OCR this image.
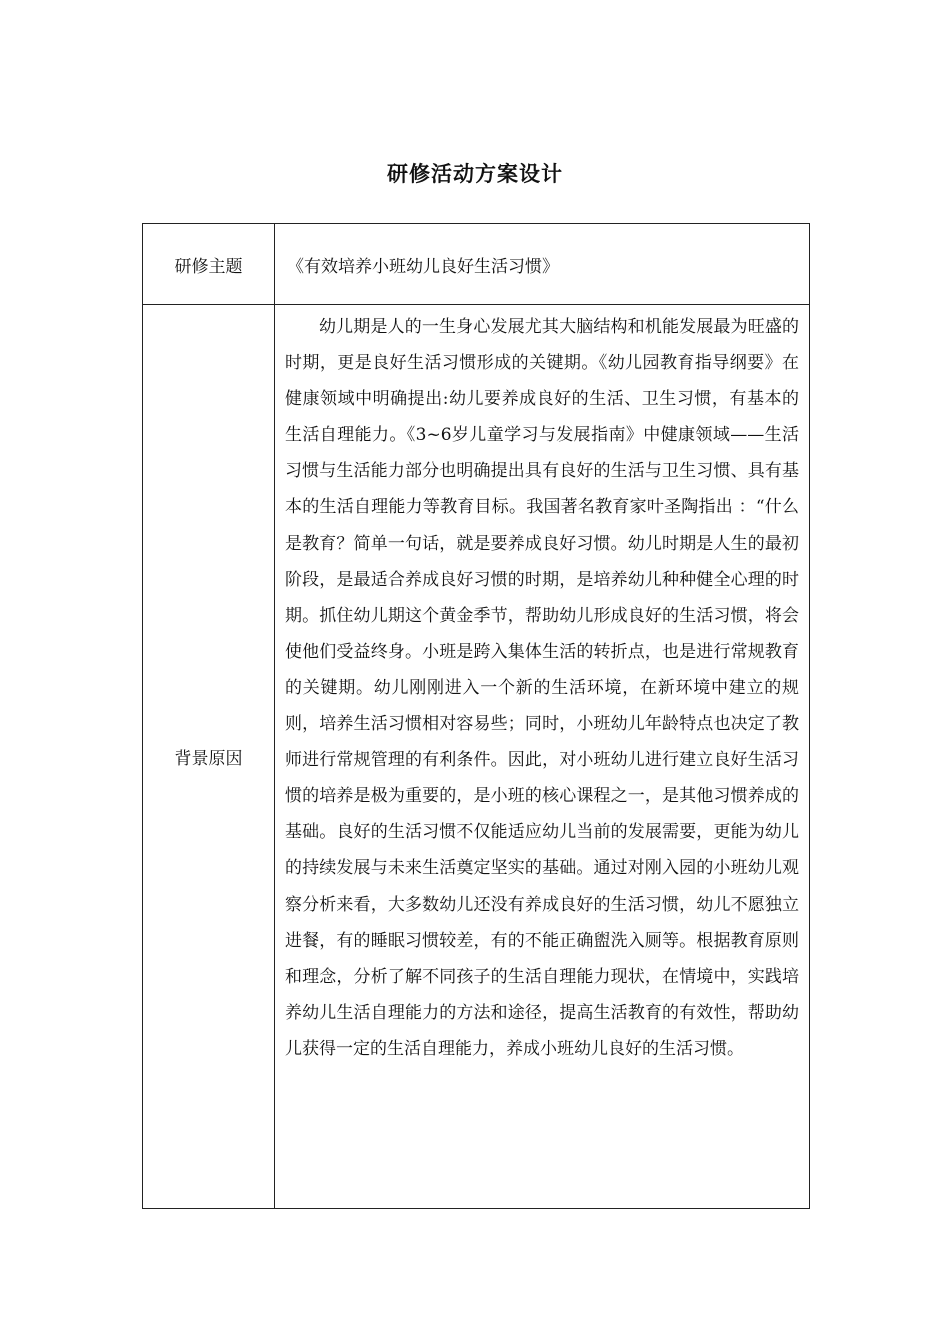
研修活动方案设计
研修主题	《有效培养小班幼儿良好生活习惯》
背景原因	幼儿期是人的一生身心发展尤其大脑结构和机能发展最为旺盛的时期，更是良好生活习惯形成的关键期。《幼儿园教育指导纲要》在健康领域中明确提出:幼儿要养成良好的生活、卫生习惯，有基本的生活自理能力。《3~6岁儿童学习与发展指南》中健康领域——生活习惯与生活能力部分也明确提出具有良好的生活与卫生习惯、具有基本的生活自理能力等教育目标。我国著名教育家叶圣陶指出 ：“什么是教育？简单一句话，就是要养成良好习惯。幼儿时期是人生的最初阶段，是最适合养成良好习惯的时期，是培养幼儿种种健全心理的时期。抓住幼儿期这个黄金季节，帮助幼儿形成良好的生活习惯，将会使他们受益终身。小班是跨入集体生活的转折点，也是进行常规教育的关键期。幼儿刚刚进入一个新的生活环境，在新环境中建立的规则，培养生活习惯相对容易些；同时，小班幼儿年龄特点也决定了教师进行常规管理的有利条件。因此，对小班幼儿进行建立良好生活习惯的培养是极为重要的，是小班的核心课程之一，是其他习惯养成的基础。良好的生活习惯不仅能适应幼儿当前的发展需要，更能为幼儿的持续发展与未来生活奠定坚实的基础。通过对刚入园的小班幼儿观察分析来看，大多数幼儿还没有养成良好的生活习惯，幼儿不愿独立进餐，有的睡眠习惯较差，有的不能正确盥洗入厕等。根据教育原则和理念，分析了解不同孩子的生活自理能力现状，在情境中，实践培养幼儿生活自理能力的方法和途径，提高生活教育的有效性，帮助幼儿获得一定的生活自理能力，养成小班幼儿良好的生活习惯。
